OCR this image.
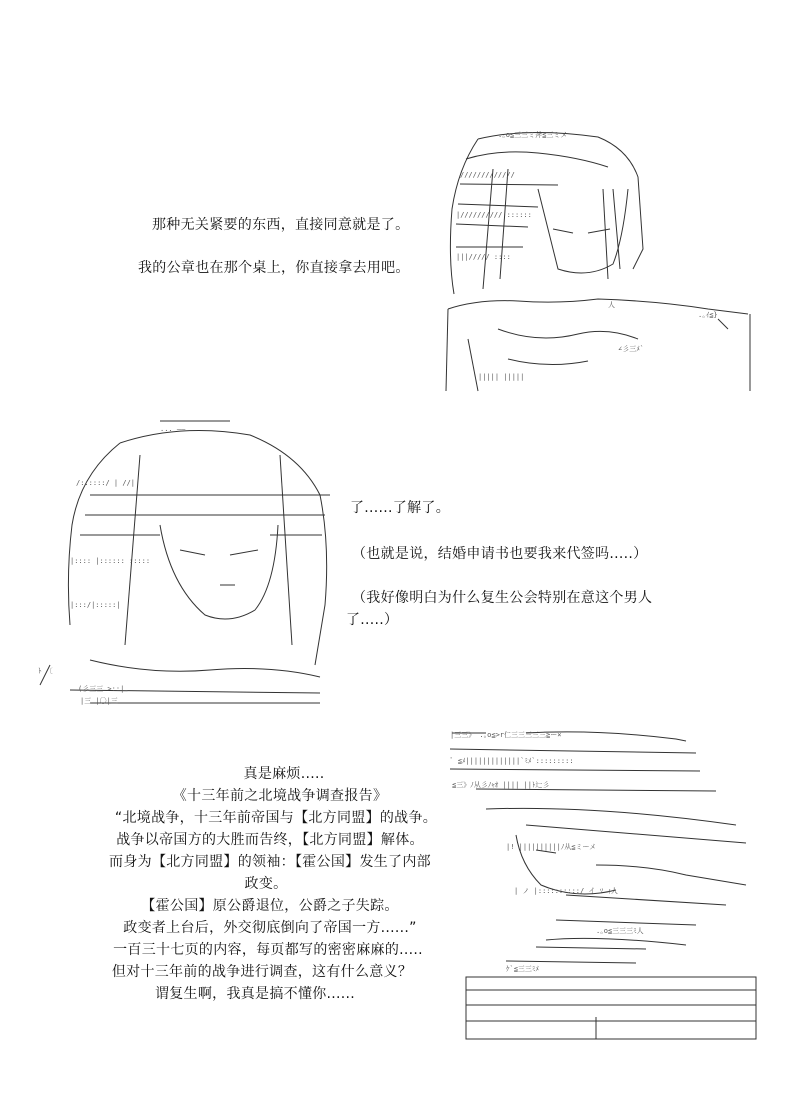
那种无关紧要的东西，直接同意就是了。
我的公章也在那个桌上，你直接拿去用吧。

.｡o≦三三ミ斧≦三ミメ
/////////////
|////////// ::::::
|||///// ::::
人
.｡ｲ≦}
∠彡三ﾒ`
||||| |||||

... ——
/::::::/ | //|
|:::: |:::::: :::::
|:::/|:::::|
ﾄ 〔
(彡三三 >::|
|三 |〇|三

了......了解了。
（也就是说，结婚申请书也要我来代签吗.....）
（我好像明白为什么复生公会特别在意这个男人
了.....）
真是麻烦.....
《十三年前之北境战争调查报告》
“北境战争，十三年前帝国与【北方同盟】的战争。
战争以帝国方的大胜而告终，【北方同盟】解体。
而身为【北方同盟】的领袖：【霍公国】发生了内部
政变。
【霍公国】原公爵退位，公爵之子失踪。
政变者上台后，外交彻底倒向了帝国一方......”
一百三十七页的内容，每页都写的密密麻麻的.....
但对十三年前的战争进行调查，这有什么意义？
谓复生啊，我真是搞不懂你......

|三三》 .｡o≦>r仁三三三三三≧ー×
ﾞ ≦ﾒ|||||||||||||`ﾐﾒ`:::::::::
≦三》ﾉ从彡ﾉｬｵ |||| ||ﾄ辷彡
|! ||||||||||ﾉ从≦ミーメ
| ノ |::::::::::/ イ ｿ ｨ人
.｡o≦三三三ﾐ人
ｹ`≦三三ﾐﾒ
